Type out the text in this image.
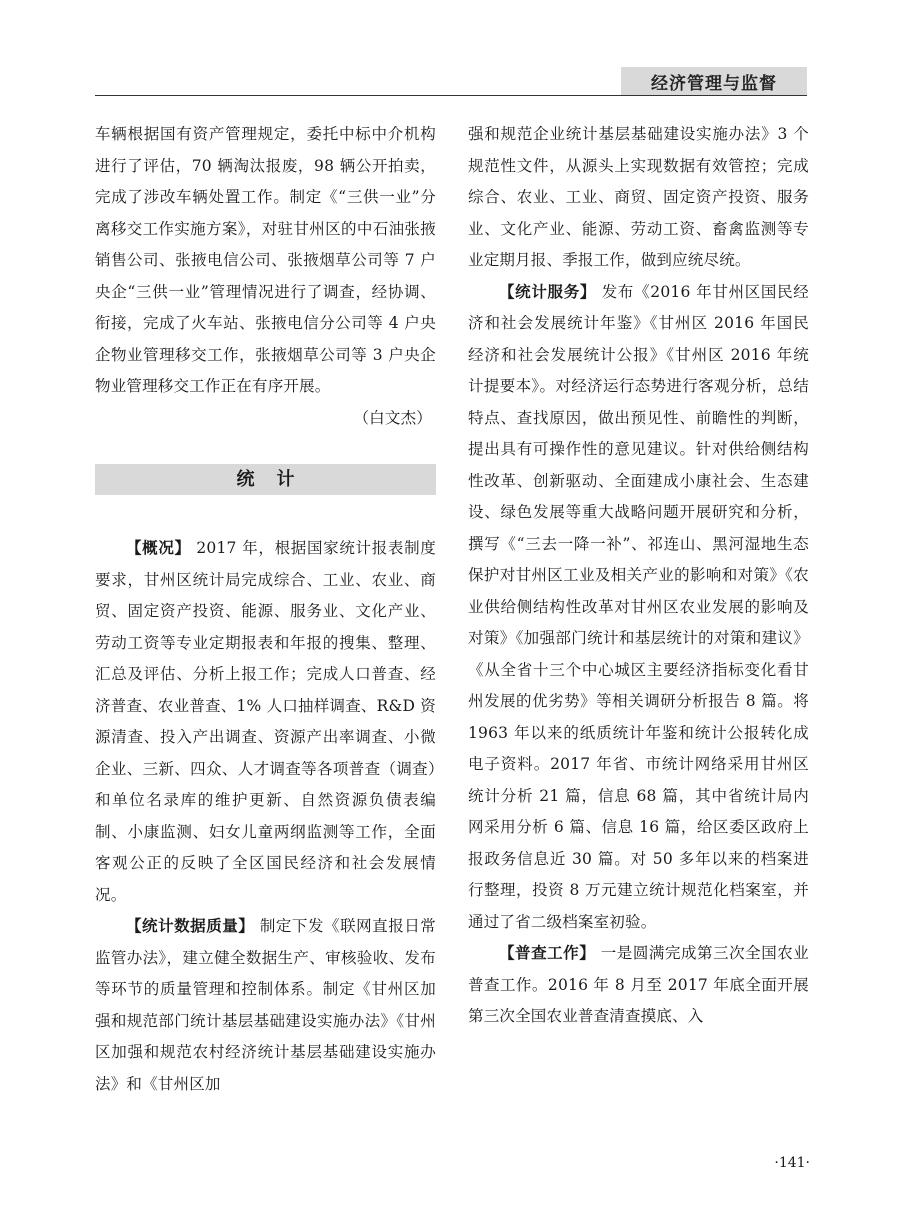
经济管理与监督

车辆根据国有资产管理规定，委托中标中介机构进行了评估，70 辆淘汰报废，98 辆公开拍卖，完成了涉改车辆处置工作。制定《“三供一业”分离移交工作实施方案》，对驻甘州区的中石油张掖销售公司、张掖电信公司、张掖烟草公司等 7 户央企“三供一业”管理情况进行了调查，经协调、衔接，完成了火车站、张掖电信分公司等 4 户央企物业管理移交工作，张掖烟草公司等 3 户央企物业管理移交工作正在有序开展。

（白文杰）
统计

【概况】 2017 年，根据国家统计报表制度要求，甘州区统计局完成综合、工业、农业、商贸、固定资产投资、能源、服务业、文化产业、劳动工资等专业定期报表和年报的搜集、整理、汇总及评估、分析上报工作；完成人口普查、经济普查、农业普查、1% 人口抽样调查、R&D 资源清查、投入产出调查、资源产出率调查、小微企业、三新、四众、人才调查等各项普查（调查）和单位名录库的维护更新、自然资源负债表编制、小康监测、妇女儿童两纲监测等工作，全面客观公正的反映了全区国民经济和社会发展情况。

【统计数据质量】 制定下发《联网直报日常监管办法》，建立健全数据生产、审核验收、发布等环节的质量管理和控制体系。制定《甘州区加强和规范部门统计基层基础建设实施办法》《甘州区加强和规范农村经济统计基层基础建设实施办法》和《甘州区加

强和规范企业统计基层基础建设实施办法》3 个规范性文件，从源头上实现数据有效管控；完成综合、农业、工业、商贸、固定资产投资、服务业、文化产业、能源、劳动工资、畜禽监测等专业定期月报、季报工作，做到应统尽统。

【统计服务】 发布《2016 年甘州区国民经济和社会发展统计年鉴》《甘州区 2016 年国民经济和社会发展统计公报》《甘州区 2016 年统计提要本》。对经济运行态势进行客观分析，总结特点、查找原因，做出预见性、前瞻性的判断，提出具有可操作性的意见建议。针对供给侧结构性改革、创新驱动、全面建成小康社会、生态建设、绿色发展等重大战略问题开展研究和分析，撰写《“三去一降一补”、祁连山、黑河湿地生态保护对甘州区工业及相关产业的影响和对策》《农业供给侧结构性改革对甘州区农业发展的影响及对策》《加强部门统计和基层统计的对策和建议》《从全省十三个中心城区主要经济指标变化看甘州发展的优劣势》等相关调研分析报告 8 篇。将 1963 年以来的纸质统计年鉴和统计公报转化成电子资料。2017 年省、市统计网络采用甘州区统计分析 21 篇，信息 68 篇，其中省统计局内网采用分析 6 篇、信息 16 篇，给区委区政府上报政务信息近 30 篇。对 50 多年以来的档案进行整理，投资 8 万元建立统计规范化档案室，并通过了省二级档案室初验。

【普查工作】 一是圆满完成第三次全国农业普查工作。2016 年 8 月至 2017 年底全面开展第三次全国农业普查清查摸底、入

·141·
